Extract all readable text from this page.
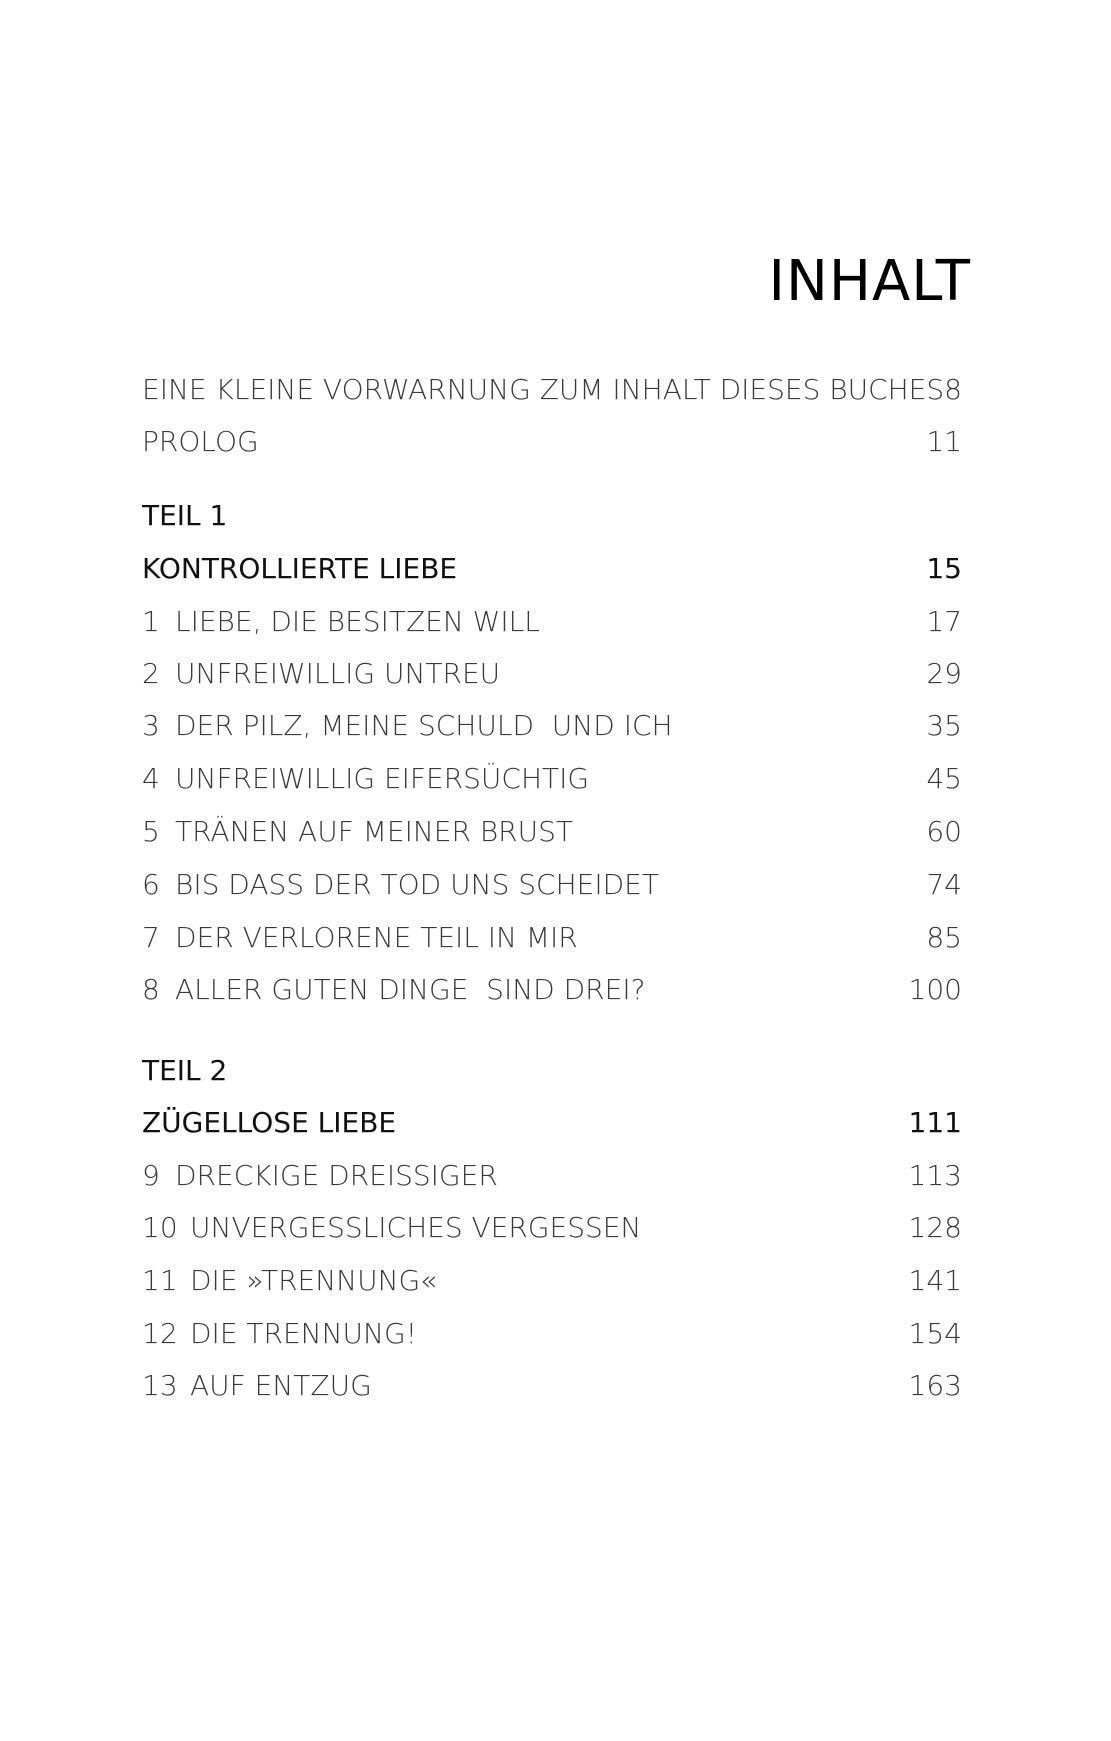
INHALT
EINE KLEINE VORWARNUNG ZUM INHALT DIESES BUCHES 8
PROLOG	11
TEIL 1
KONTROLLIERTE LIEBE	15
1 LIEBE, DIE BESITZEN WILL	17
2 UNFREIWILLIG UNTREU	29
3 DER PILZ, MEINE SCHULD  UND ICH	35
4 UNFREIWILLIG EIFERSÜCHTIG	45
5 TRÄNEN AUF MEINER BRUST	60
6 BIS DASS DER TOD UNS SCHEIDET	74
7 DER VERLORENE TEIL IN MIR	85
8 ALLER GUTEN DINGE  SIND DREI?	100
TEIL 2
ZÜGELLOSE LIEBE	111
9 DRECKIGE DREISSIGER	113
10 UNVERGESSLICHES VERGESSEN	128
11 DIE »TRENNUNG«	141
12 DIE TRENNUNG!	154
13 AUF ENTZUG	163
